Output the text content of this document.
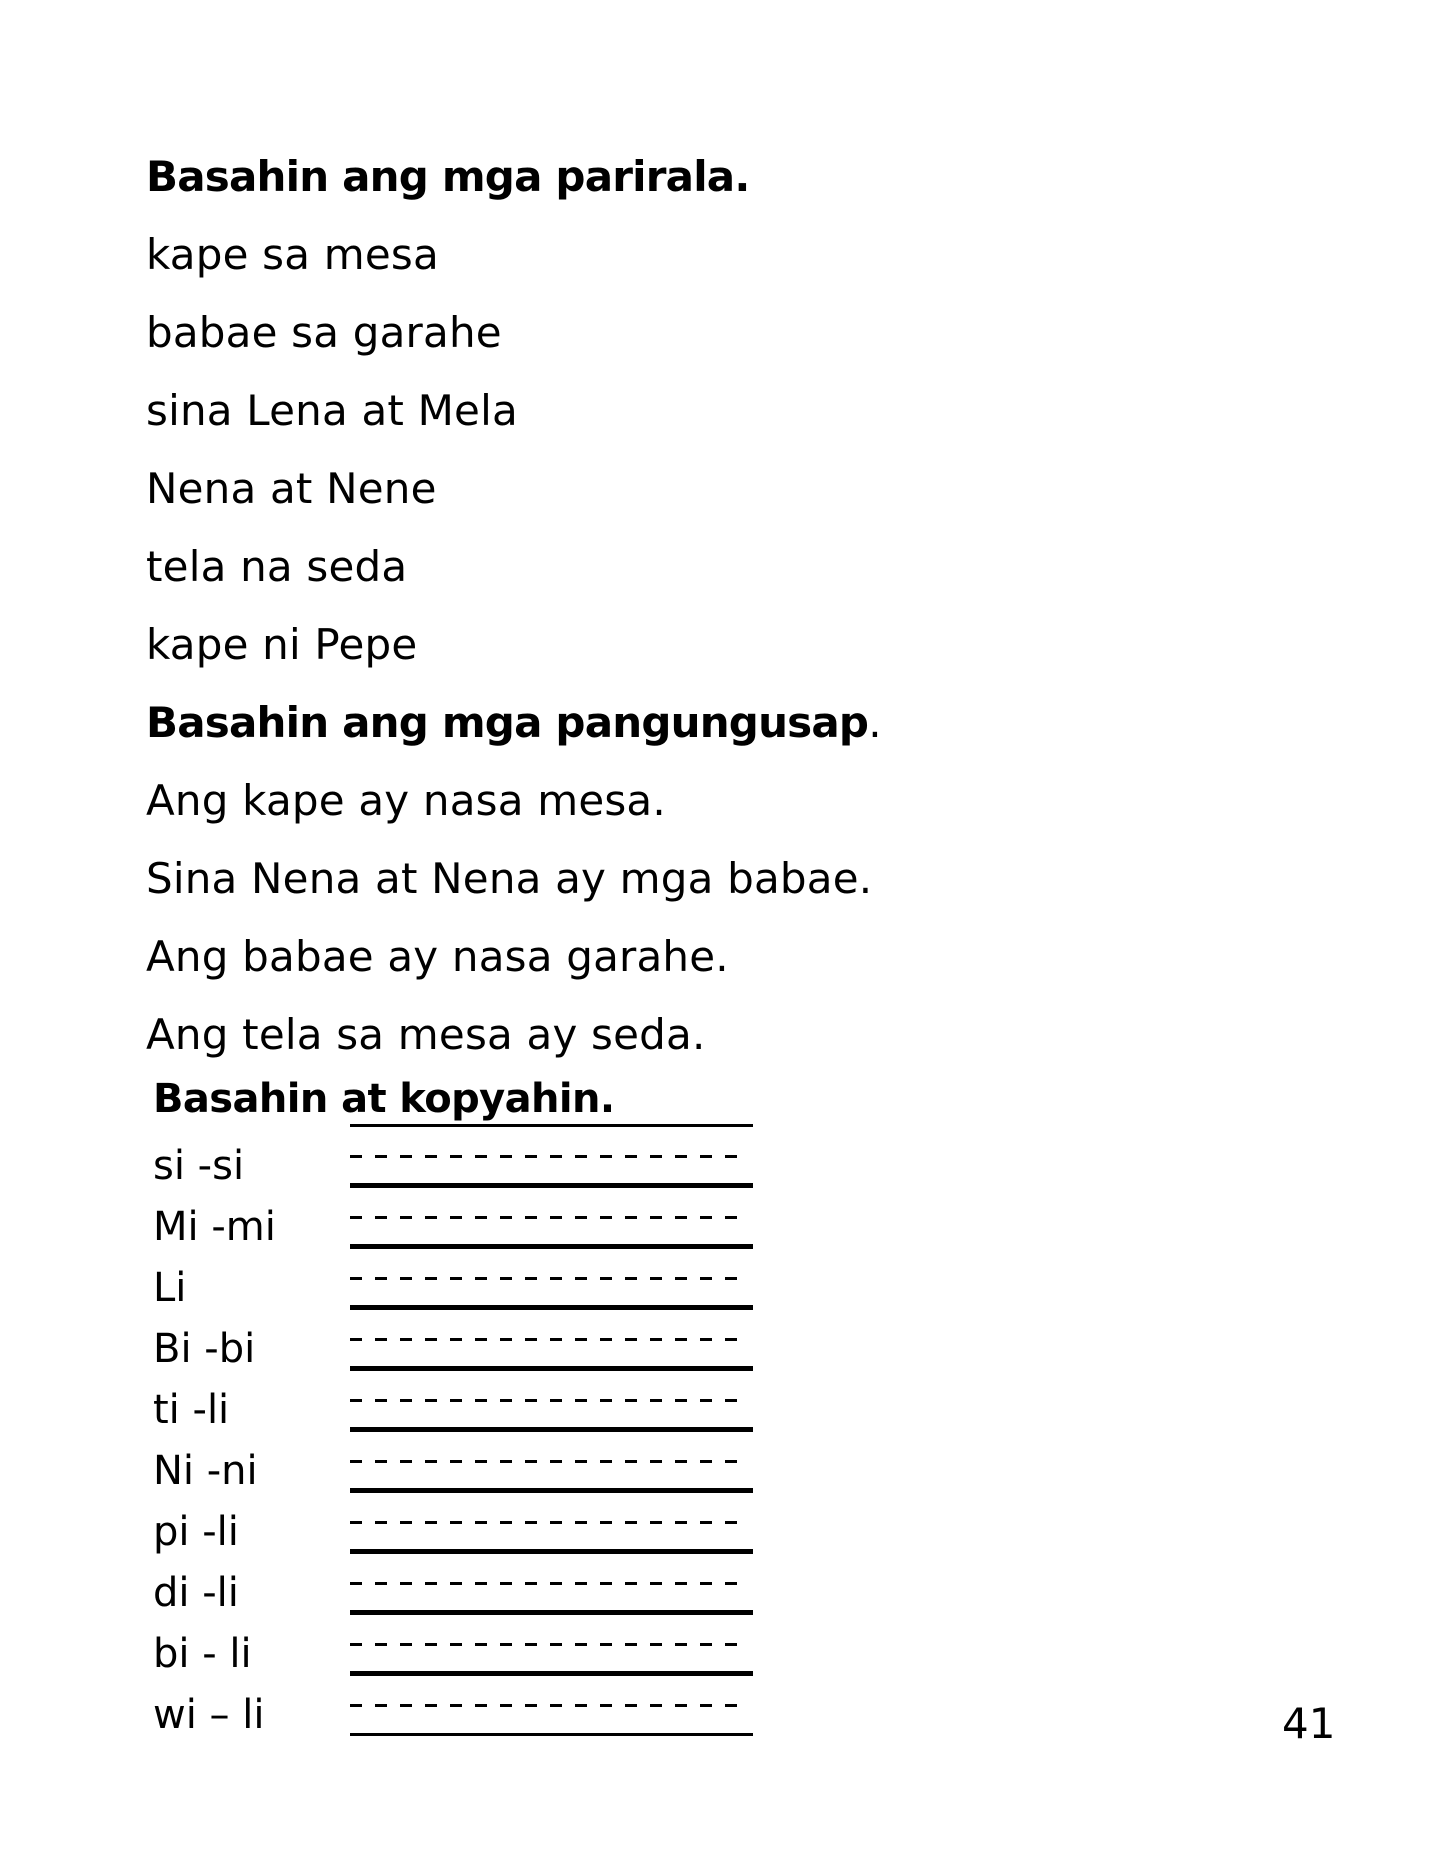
Basahin ang mga parirala.
kape sa mesa
babae sa garahe
sina Lena at Mela
Nena at Nene
tela na seda
kape ni Pepe
Basahin ang mga pangungusap.
Ang kape ay nasa mesa.
Sina Nena at Nena ay mga babae.
Ang babae ay nasa garahe.
Ang tela sa mesa ay seda.
Basahin at kopyahin.
si -si
Mi -mi
Li
Bi -bi
ti -li
Ni -ni
pi -li
di -li
bi - li
wi – li	41
